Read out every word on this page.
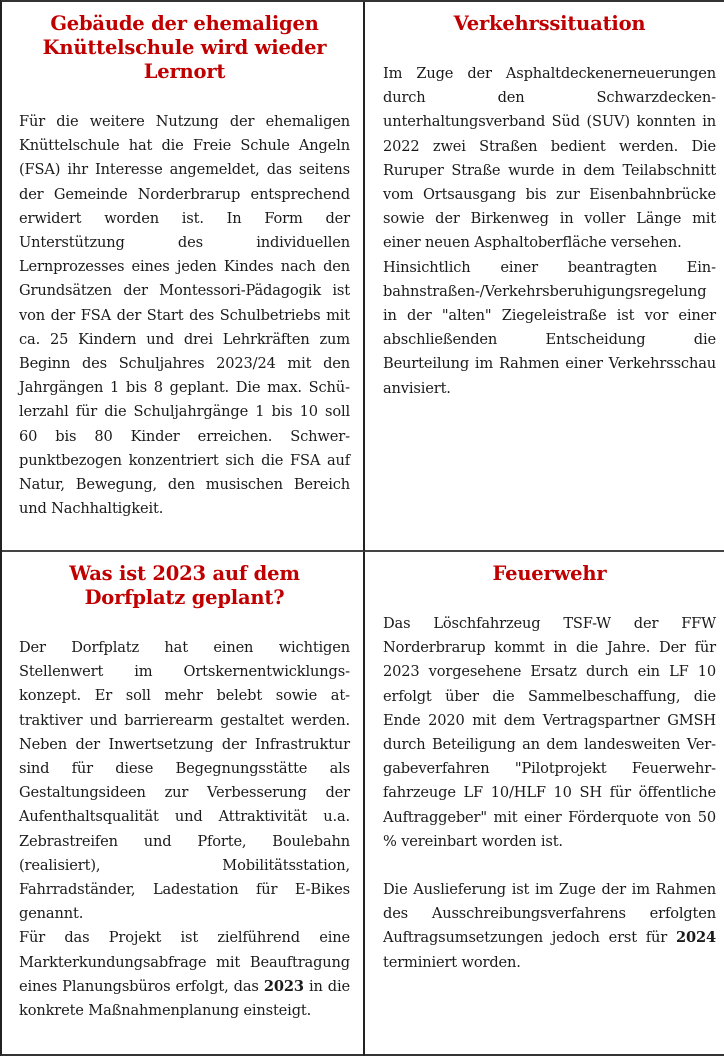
Gebäude der ehemaligen Knüttelschule wird wieder Lernort

Für die weitere Nutzung der ehemaligen Knüttelschule hat die Freie Schule Angeln (FSA) ihr Interesse angemeldet, das seitens der Gemeinde Norderbrarup entsprechend erwidert worden ist. In Form der Unterstützung des individuellen Lernprozesses eines jeden Kindes nach den Grundsätzen der Montessori-Pädagogik ist von der FSA der Start des Schulbetriebs mit ca. 25 Kindern und drei Lehrkräften zum Beginn des Schuljahres 2023/24 mit den Jahrgängen 1 bis 8 geplant. Die max. Schülerzahl für die Schuljahrgänge 1 bis 10 soll 60 bis 80 Kinder erreichen. Schwerpunktbezogen konzentriert sich die FSA auf Natur, Bewegung, den musischen Bereich und Nachhaltigkeit.

Verkehrssituation

Im Zuge der Asphaltdeckenerneuerungen durch den Schwarzdeckenunterhaltungsverband Süd (SUV) konnten in 2022 zwei Straßen bedient werden. Die Ruruper Straße wurde in dem Teilabschnitt vom Ortsausgang bis zur Eisenbahnbrücke sowie der Birkenweg in voller Länge mit einer neuen Asphaltoberfläche versehen.

Hinsichtlich einer beantragten Einbahnstraßen-/Verkehrsberuhigungsregelung in der "alten" Ziegeleistraße ist vor einer abschließenden Entscheidung die Beurteilung im Rahmen einer Verkehrsschau anvisiert.

Was ist 2023 auf dem Dorfplatz geplant?

Der Dorfplatz hat einen wichtigen Stellenwert im Ortskernentwicklungskonzept. Er soll mehr belebt sowie attraktiver und barrierearm gestaltet werden. Neben der Inwertsetzung der Infrastruktur sind für diese Begegnungsstätte als Gestaltungsideen zur Verbesserung der Aufenthaltsqualität und Attraktivität u.a. Zebrastreifen und Pforte, Boulebahn (realisiert), Mobilitätsstation, Fahrradständer, Ladestation für E-Bikes genannt.

Für das Projekt ist zielführend eine Markterkundungsabfrage mit Beauftragung eines Planungsbüros erfolgt, das 2023 in die konkrete Maßnahmenplanung einsteigt.

Feuerwehr

Das Löschfahrzeug TSF-W der FFW Norderbrarup kommt in die Jahre. Der für 2023 vorgesehene Ersatz durch ein LF 10 erfolgt über die Sammelbeschaffung, die Ende 2020 mit dem Vertragspartner GMSH durch Beteiligung an dem landesweiten Vergabeverfahren "Pilotprojekt Feuerwehrfahrzeuge LF 10/HLF 10 SH für öffentliche Auftraggeber" mit einer Förderquote von 50 % vereinbart worden ist.

Die Auslieferung ist im Zuge der im Rahmen des Ausschreibungsverfahrens erfolgten Auftragsumsetzungen jedoch erst für 2024 terminiert worden.
